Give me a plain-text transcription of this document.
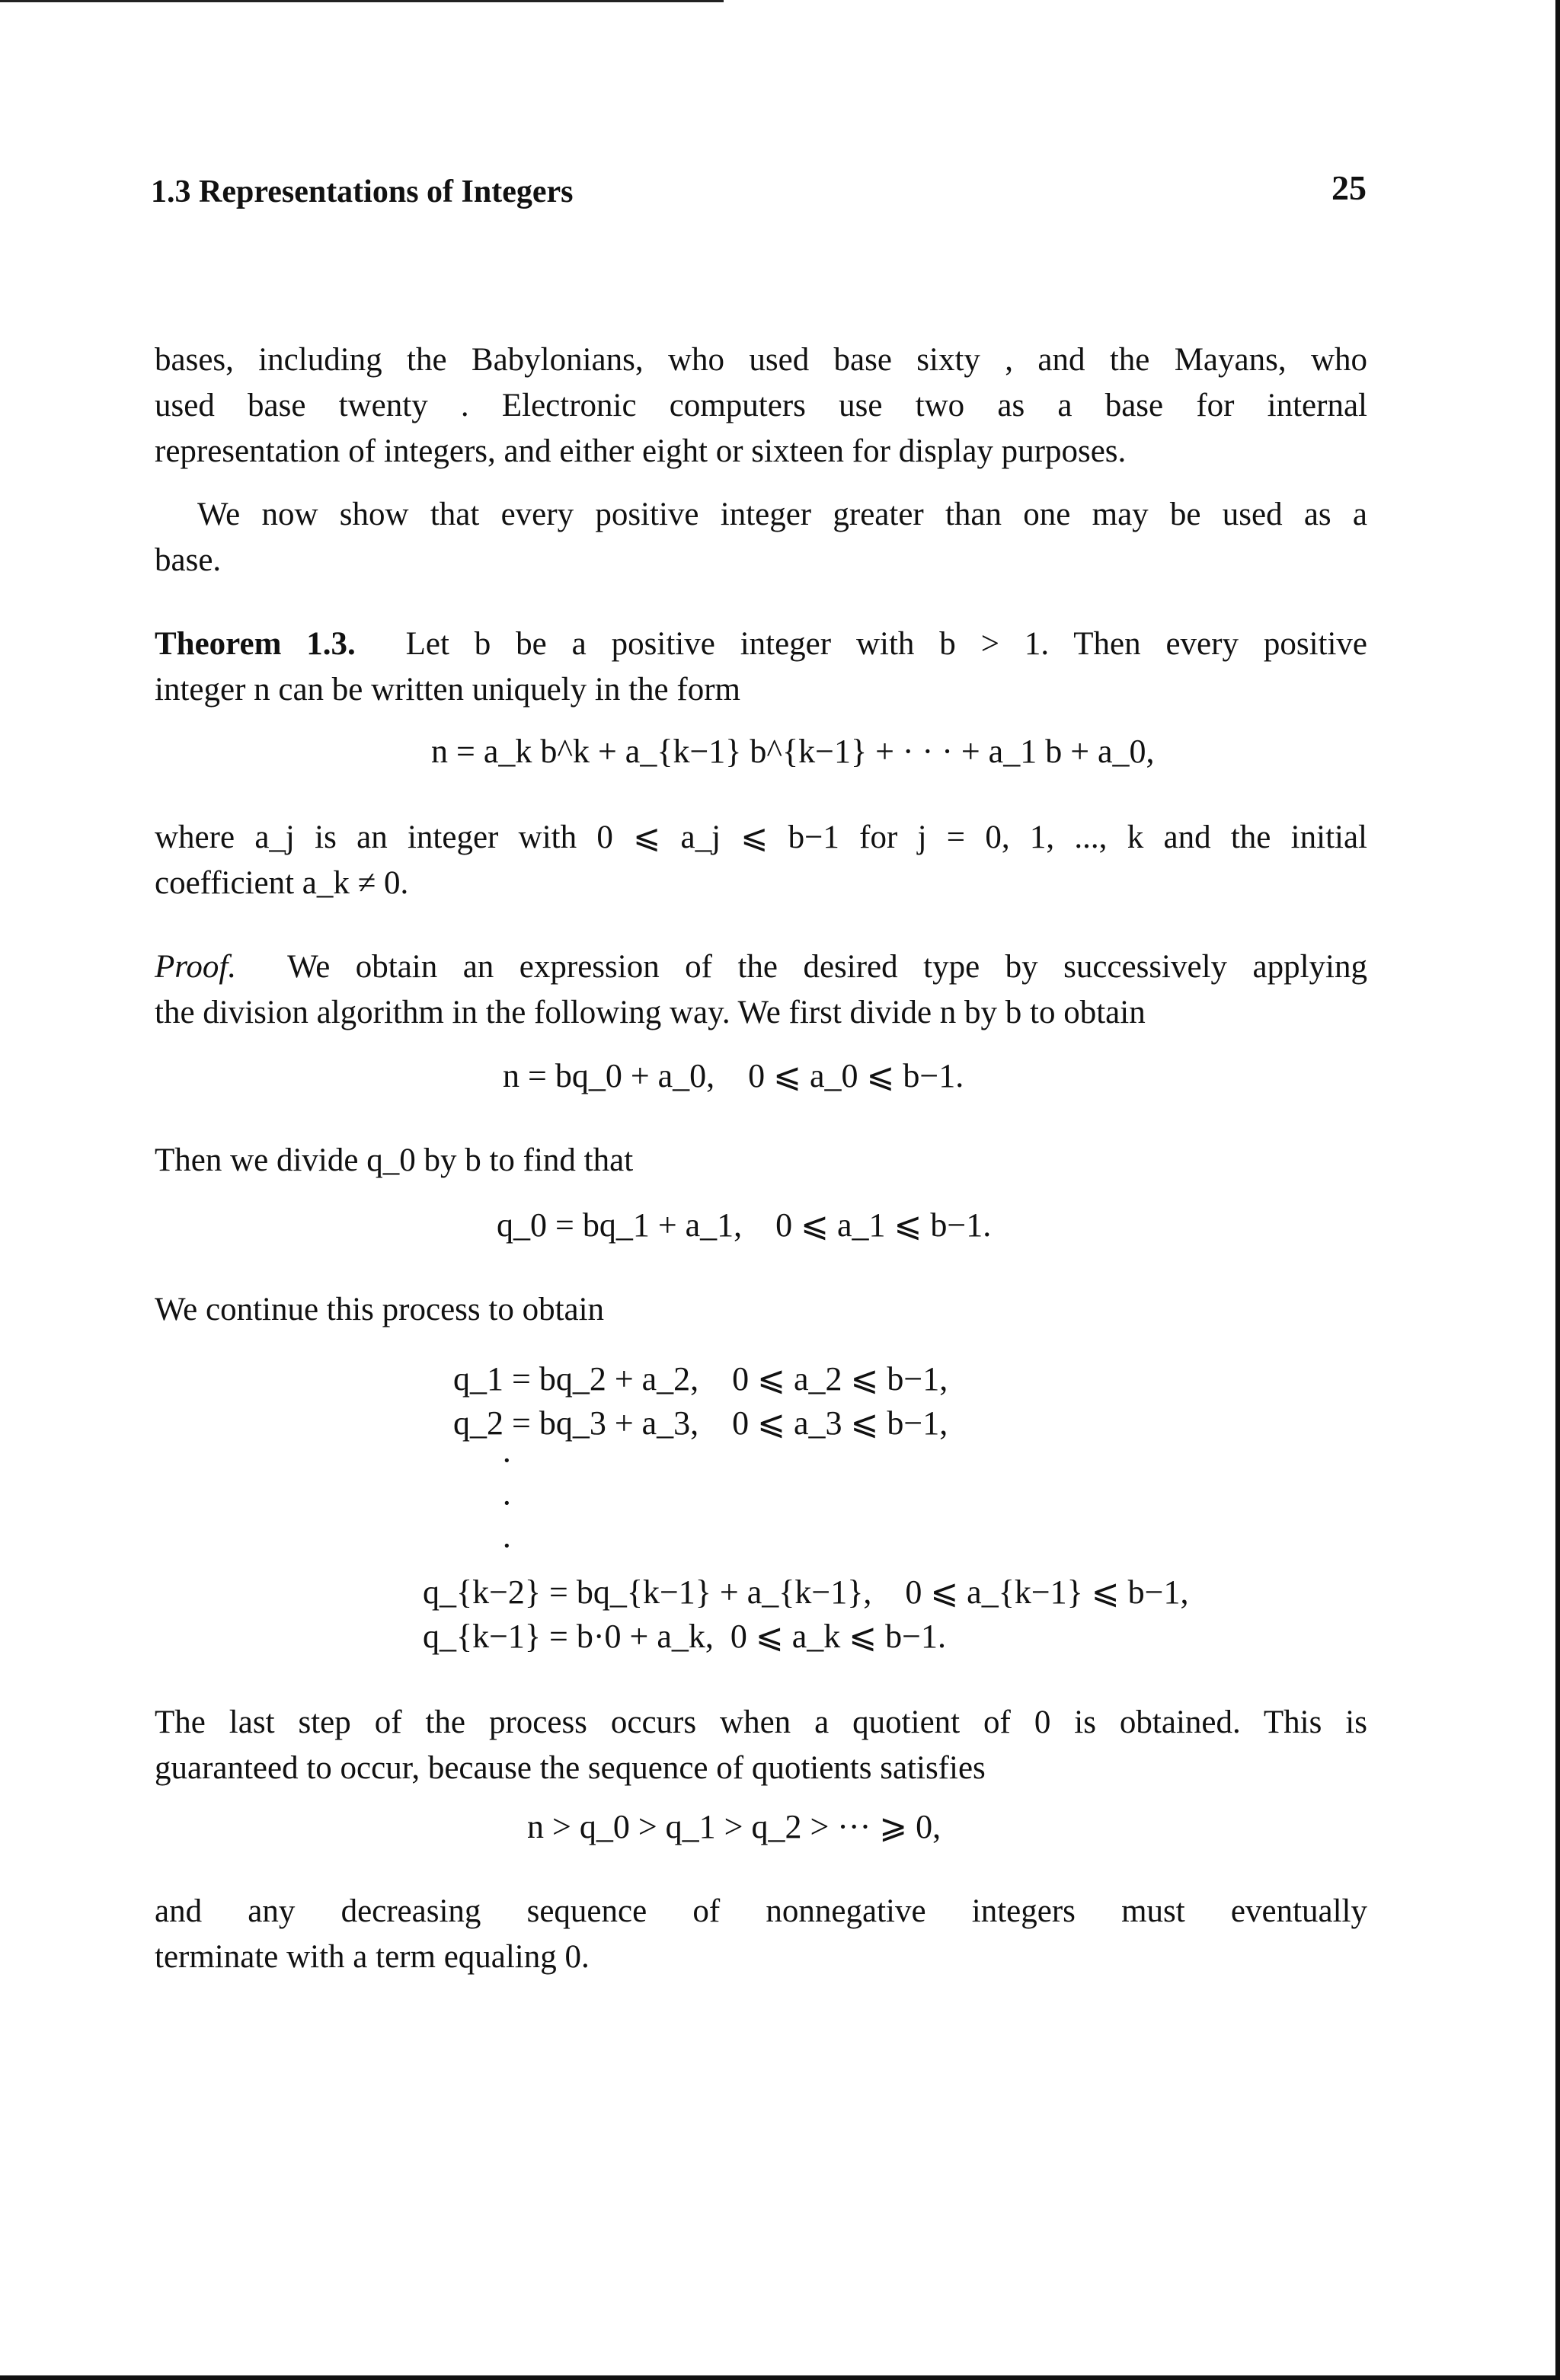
1.3 Representations of Integers	25
bases, including the Babylonians, who used base sixty , and the Mayans, who
used base twenty . Electronic computers use two as a base for internal
representation of integers, and either eight or sixteen for display purposes.
We now show that every positive integer greater than one may be used as a
base.
Theorem 1.3. Let b be a positive integer with b > 1. Then every positive
integer n can be written uniquely in the form

n = a_k b^k + a_{k−1} b^{k−1} + · · · + a_1 b + a_0,

where a_j is an integer with 0 ⩽ a_j ⩽ b−1 for j = 0, 1, ..., k and the initial
coefficient a_k ≠ 0.
Proof. We obtain an expression of the desired type by successively applying
the division algorithm in the following way. We first divide n by b to obtain

n = bq_0 + a_0,    0 ⩽ a_0 ⩽ b−1.

Then we divide q_0 by b to find that

q_0 = bq_1 + a_1,    0 ⩽ a_1 ⩽ b−1.

We continue this process to obtain

q_1 = bq_2 + a_2,    0 ⩽ a_2 ⩽ b−1,

q_2 = bq_3 + a_3,    0 ⩽ a_3 ⩽ b−1,

·
·
·

q_{k−2} = bq_{k−1} + a_{k−1},    0 ⩽ a_{k−1} ⩽ b−1,

q_{k−1} = b·0 + a_k,  0 ⩽ a_k ⩽ b−1.

The last step of the process occurs when a quotient of 0 is obtained. This is
guaranteed to occur, because the sequence of quotients satisfies

n > q_0 > q_1 > q_2 > ··· ⩾ 0,

and any decreasing sequence of nonnegative integers must eventually
terminate with a term equaling 0.
